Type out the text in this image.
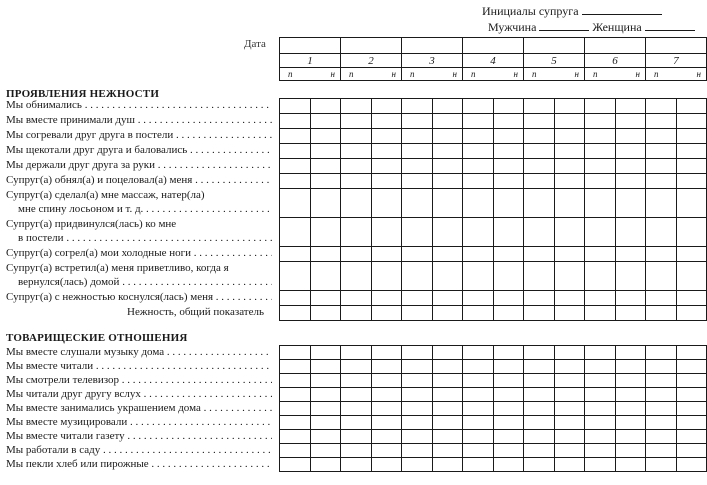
Инициалы супруга
Мужчина	Женщина
Дата

1	2	3	4	5	6	7

п н	п н	п н	п н	п н	п н	п н
ПРОЯВЛЕНИЯ НЕЖНОСТИ
Мы обнимались . . .
Мы вместе принимали душ . . .
Мы согревали друг друга в постели . . .
Мы щекотали друг друга и баловались . . .
Мы держали друг друга за руки . . .
Супруг(а) обнял(а) и поцеловал(а) меня . . .
Супруг(а) сделал(а) мне массаж, натер(ла)
мне спину лосьоном и т. д. . . .
Супруг(а) придвинулся(лась) ко мне
в постели . . .
Супруг(а) согрел(а) мои холодные ноги . . .
Супруг(а) встретил(а) меня приветливо, когда я
вернулся(лась) домой . . .
Супруг(а) с нежностью коснулся(лась) меня . . .
Нежность, общий показатель

ТОВАРИЩЕСКИЕ ОТНОШЕНИЯ
Мы вместе слушали музыку дома . . .
Мы вместе читали . . .
Мы смотрели телевизор . . .
Мы читали друг другу вслух . . .
Мы вместе занимались украшением дома . . .
Мы вместе музицировали . . .
Мы вместе читали газету . . .
Мы работали в саду . . .
Мы пекли хлеб или пирожные . . .
